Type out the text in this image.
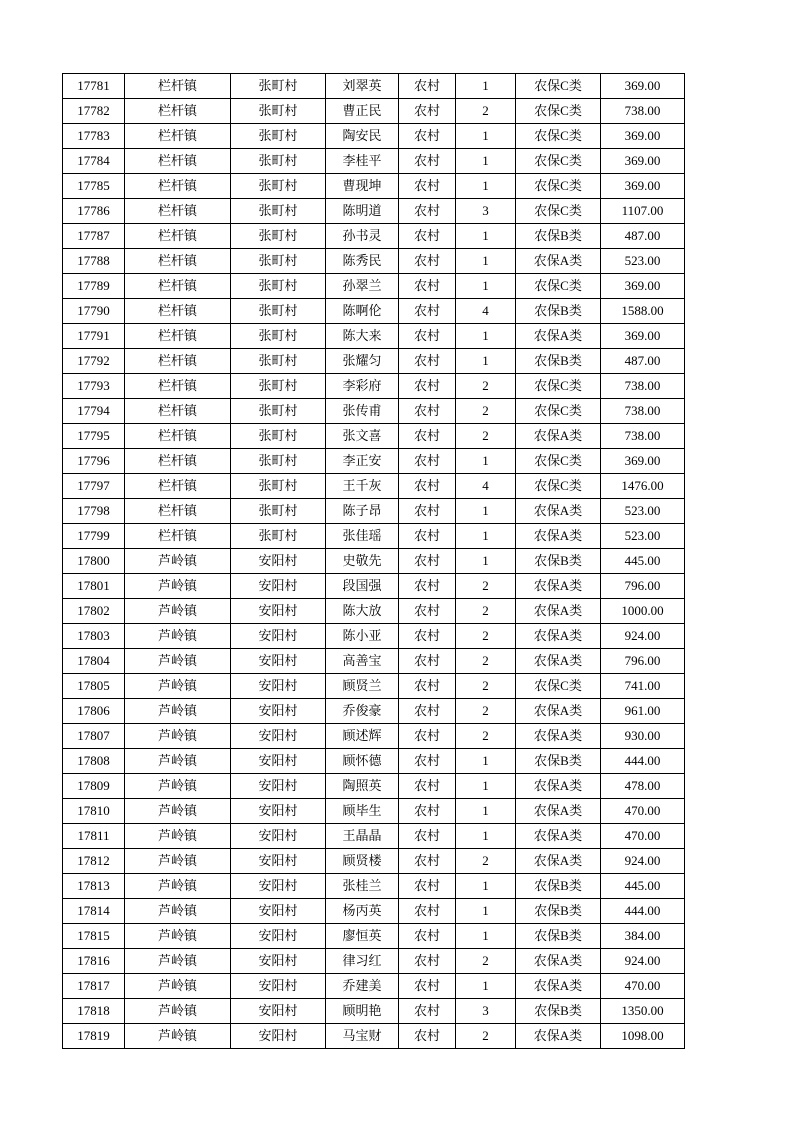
17781	栏杆镇	张町村	刘翠英	农村	1	农保C类	369.00
17782	栏杆镇	张町村	曹正民	农村	2	农保C类	738.00
17783	栏杆镇	张町村	陶安民	农村	1	农保C类	369.00
17784	栏杆镇	张町村	李桂平	农村	1	农保C类	369.00
17785	栏杆镇	张町村	曹现坤	农村	1	农保C类	369.00
17786	栏杆镇	张町村	陈明道	农村	3	农保C类	1107.00
17787	栏杆镇	张町村	孙书灵	农村	1	农保B类	487.00
17788	栏杆镇	张町村	陈秀民	农村	1	农保A类	523.00
17789	栏杆镇	张町村	孙翠兰	农村	1	农保C类	369.00
17790	栏杆镇	张町村	陈啊伦	农村	4	农保B类	1588.00
17791	栏杆镇	张町村	陈大来	农村	1	农保A类	369.00
17792	栏杆镇	张町村	张耀匀	农村	1	农保B类	487.00
17793	栏杆镇	张町村	李彩府	农村	2	农保C类	738.00
17794	栏杆镇	张町村	张传甫	农村	2	农保C类	738.00
17795	栏杆镇	张町村	张文喜	农村	2	农保A类	738.00
17796	栏杆镇	张町村	李正安	农村	1	农保C类	369.00
17797	栏杆镇	张町村	王千灰	农村	4	农保C类	1476.00
17798	栏杆镇	张町村	陈子昂	农村	1	农保A类	523.00
17799	栏杆镇	张町村	张佳瑶	农村	1	农保A类	523.00
17800	芦岭镇	安阳村	史敬先	农村	1	农保B类	445.00
17801	芦岭镇	安阳村	段国强	农村	2	农保A类	796.00
17802	芦岭镇	安阳村	陈大放	农村	2	农保A类	1000.00
17803	芦岭镇	安阳村	陈小亚	农村	2	农保A类	924.00
17804	芦岭镇	安阳村	高善宝	农村	2	农保A类	796.00
17805	芦岭镇	安阳村	顾贤兰	农村	2	农保C类	741.00
17806	芦岭镇	安阳村	乔俊豪	农村	2	农保A类	961.00
17807	芦岭镇	安阳村	顾述辉	农村	2	农保A类	930.00
17808	芦岭镇	安阳村	顾怀德	农村	1	农保B类	444.00
17809	芦岭镇	安阳村	陶照英	农村	1	农保A类	478.00
17810	芦岭镇	安阳村	顾毕生	农村	1	农保A类	470.00
17811	芦岭镇	安阳村	王晶晶	农村	1	农保A类	470.00
17812	芦岭镇	安阳村	顾贤楼	农村	2	农保A类	924.00
17813	芦岭镇	安阳村	张桂兰	农村	1	农保B类	445.00
17814	芦岭镇	安阳村	杨丙英	农村	1	农保B类	444.00
17815	芦岭镇	安阳村	廖恒英	农村	1	农保B类	384.00
17816	芦岭镇	安阳村	律习红	农村	2	农保A类	924.00
17817	芦岭镇	安阳村	乔建美	农村	1	农保A类	470.00
17818	芦岭镇	安阳村	顾明艳	农村	3	农保B类	1350.00
17819	芦岭镇	安阳村	马宝财	农村	2	农保A类	1098.00
